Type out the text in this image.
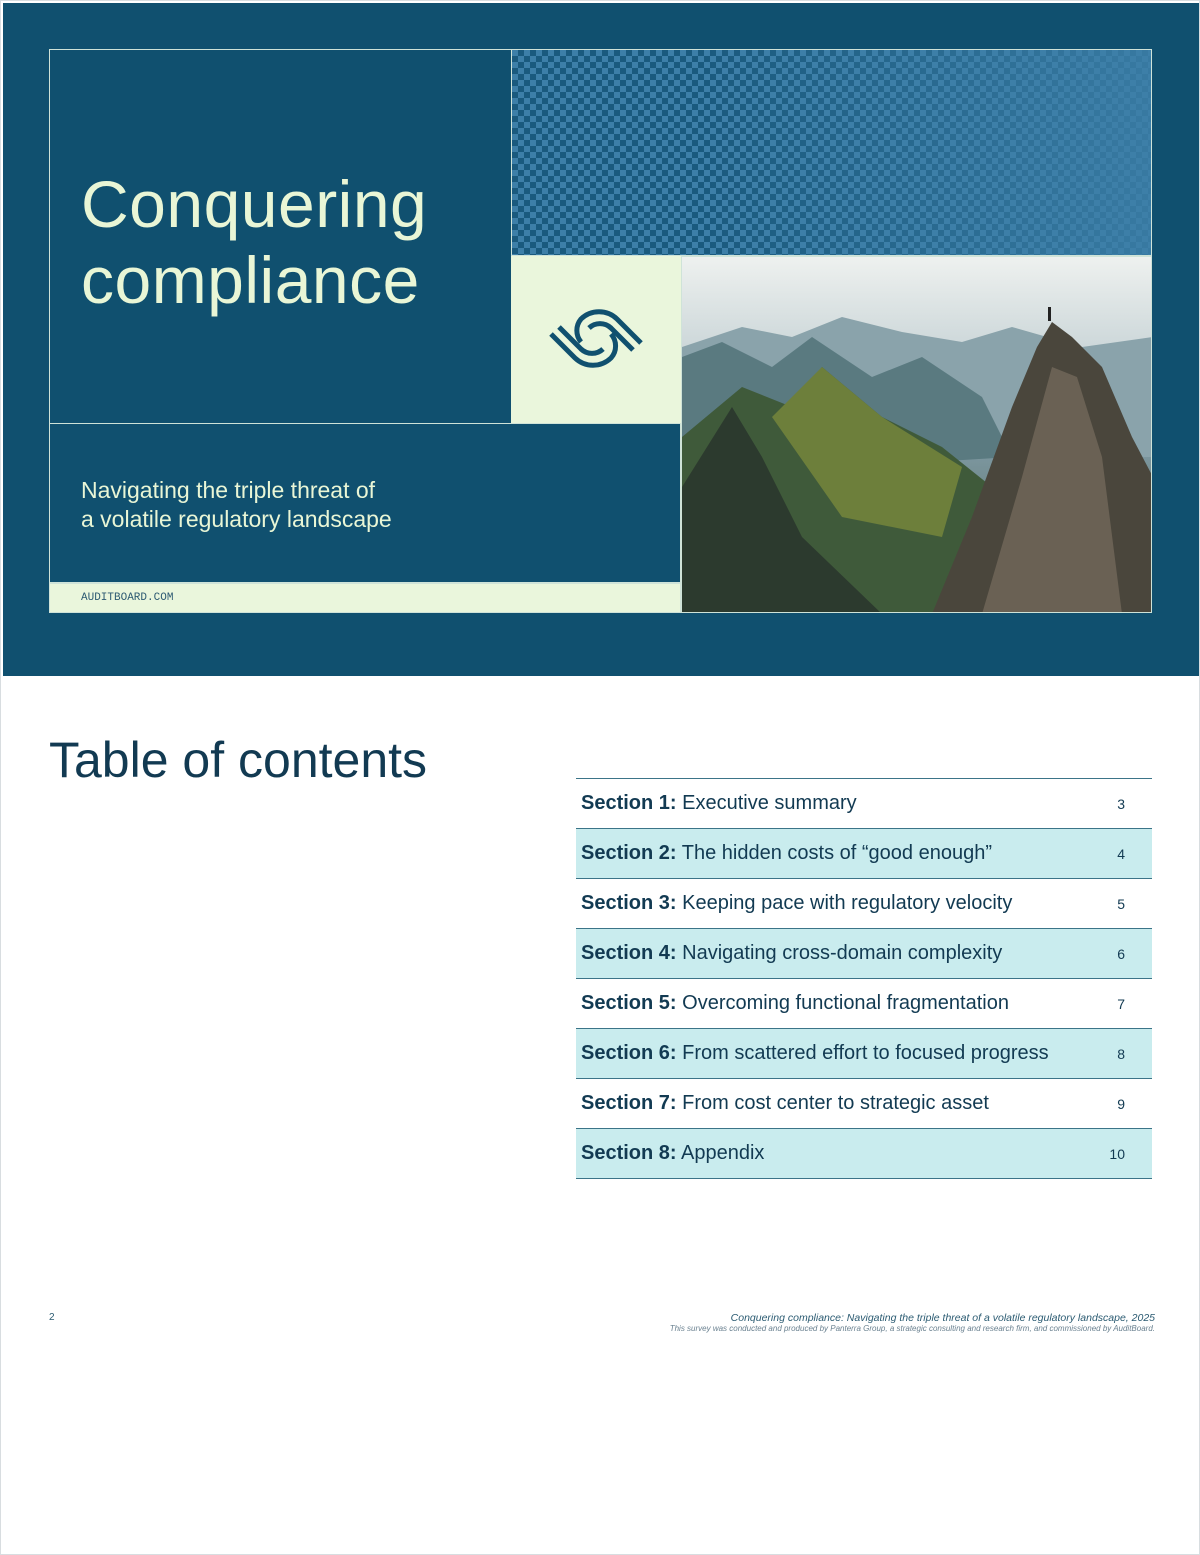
Conquering
compliance

Navigating the triple threat of
a volatile regulatory landscape

AUDITBOARD.COM
Table of contents
Section 1: Executive summary	3
Section 2: The hidden costs of “good enough”	4
Section 3: Keeping pace with regulatory velocity	5
Section 4: Navigating cross-domain complexity	6
Section 5: Overcoming functional fragmentation	7
Section 6: From scattered effort to focused progress	8
Section 7: From cost center to strategic asset	9
Section 8: Appendix	10
2	Conquering compliance: Navigating the triple threat of a volatile regulatory landscape, 2025
This survey was conducted and produced by Panterra Group, a strategic consulting and research firm, and commissioned by AuditBoard.
